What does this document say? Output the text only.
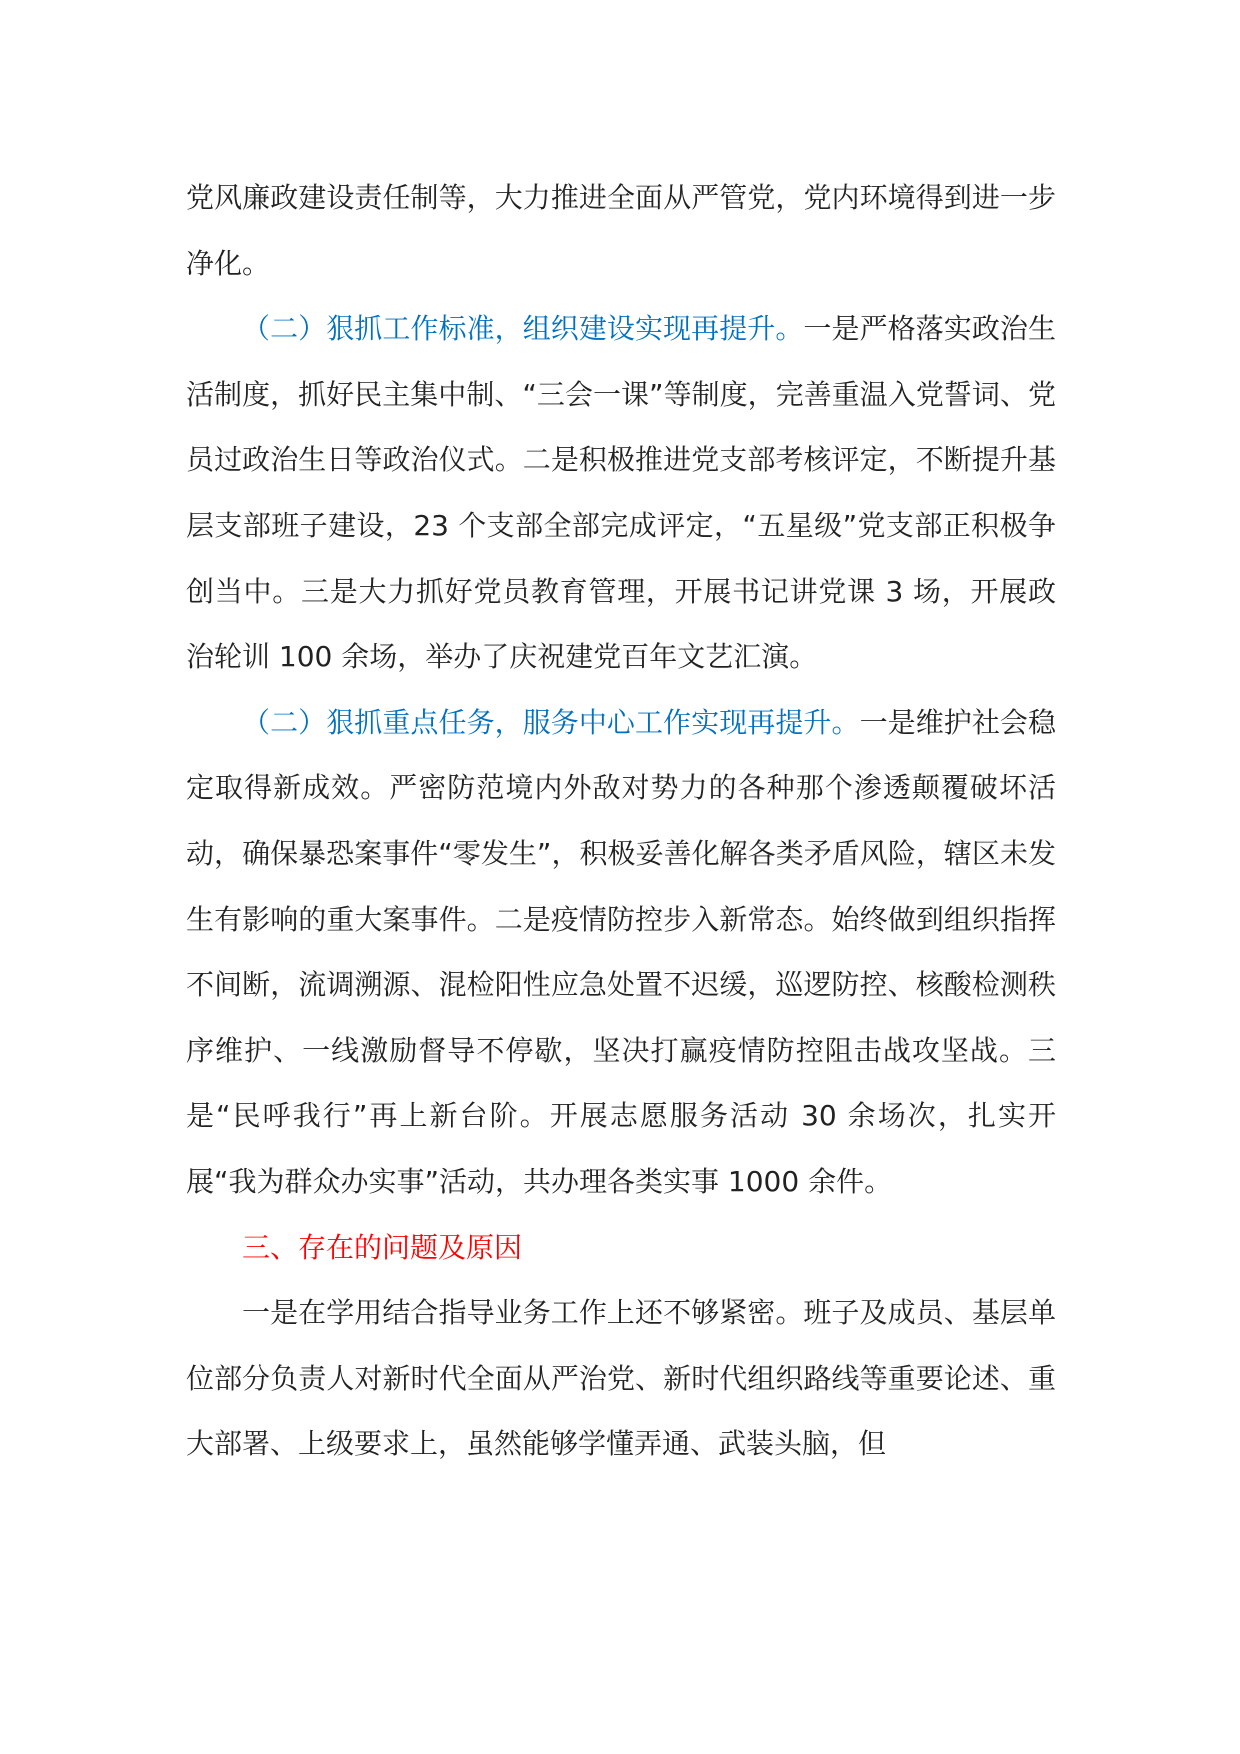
党风廉政建设责任制等，大力推进全面从严管党，党内环境得到进一步净化。

（二）狠抓工作标准，组织建设实现再提升。一是严格落实政治生活制度，抓好民主集中制、“三会一课”等制度，完善重温入党誓词、党员过政治生日等政治仪式。二是积极推进党支部考核评定，不断提升基层支部班子建设，23 个支部全部完成评定，“五星级”党支部正积极争创当中。三是大力抓好党员教育管理，开展书记讲党课 3 场，开展政治轮训 100 余场，举办了庆祝建党百年文艺汇演。

（二）狠抓重点任务，服务中心工作实现再提升。一是维护社会稳定取得新成效。严密防范境内外敌对势力的各种那个渗透颠覆破坏活动，确保暴恐案事件“零发生”，积极妥善化解各类矛盾风险，辖区未发生有影响的重大案事件。二是疫情防控步入新常态。始终做到组织指挥不间断，流调溯源、混检阳性应急处置不迟缓，巡逻防控、核酸检测秩序维护、一线激励督导不停歇，坚决打赢疫情防控阻击战攻坚战。三是“民呼我行”再上新台阶。开展志愿服务活动 30 余场次，扎实开展“我为群众办实事”活动，共办理各类实事 1000 余件。

三、存在的问题及原因

一是在学用结合指导业务工作上还不够紧密。班子及成员、基层单位部分负责人对新时代全面从严治党、新时代组织路线等重要论述、重大部署、上级要求上，虽然能够学懂弄通、武装头脑，但
